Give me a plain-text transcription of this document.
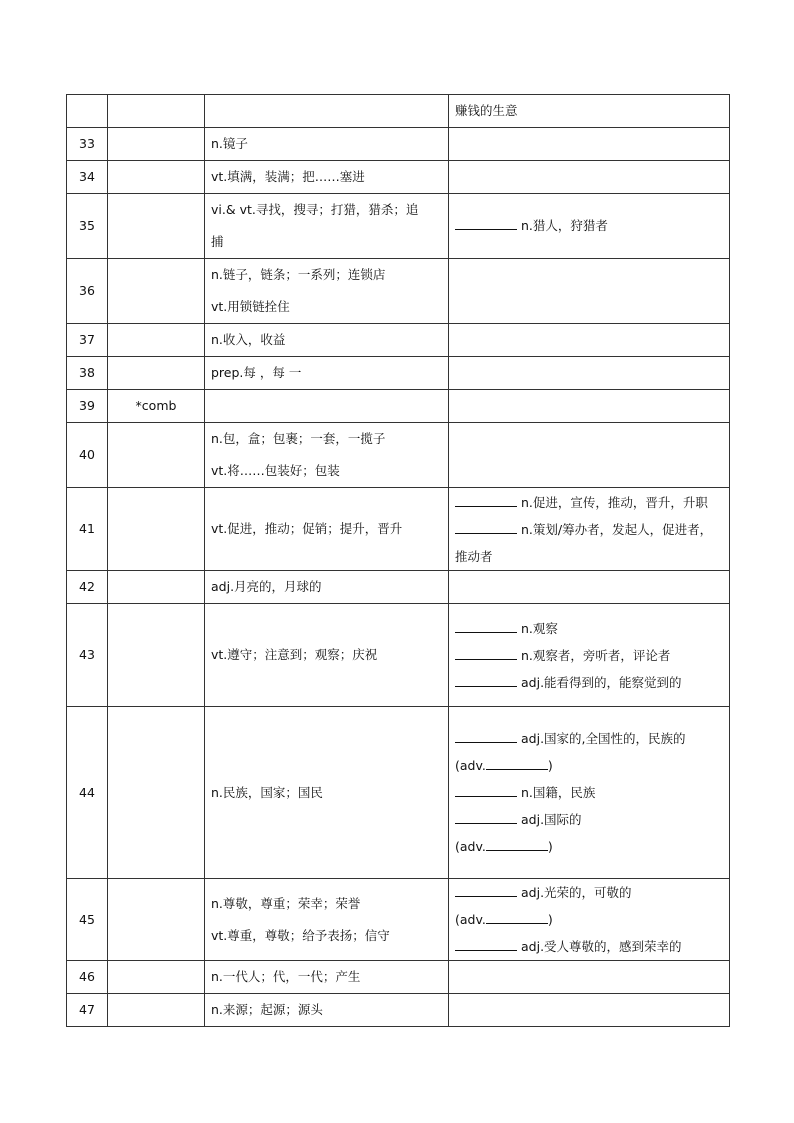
			赚钱的生意

33		n.镜子	

34		vt.填满，装满；把……塞进	

35		vi.& vt.寻找，搜寻；打猎，猎杀；追
捕	n.猎人，狩猎者

36		n.链子，链条；一系列；连锁店
vt.用锁链拴住	

37		n.收入，收益	

38		prep.每 ，每 一	

39	*comb		
40		n.包，盒；包裹；一套，一揽子
vt.将……包装好；包装	

41		vt.促进，推动；促销；提升，晋升	n.促进，宣传，推动，晋升，升职
n.策划/筹办者，发起人，促进者，
推动者

42		adj.月亮的，月球的	

43		vt.遵守；注意到；观察；庆祝	n.观察
n.观察者，旁听者，评论者
adj.能看得到的，能察觉到的

44		n.民族，国家；国民	adj.国家的,全国性的，民族的
(adv. )
n.国籍，民族
adj.国际的
(adv. )

45		n.尊敬，尊重；荣幸；荣誉
vt.尊重，尊敬；给予表扬；信守	adj.光荣的，可敬的
(adv. )
adj.受人尊敬的，感到荣幸的

46		n.一代人；代，一代；产生	

47		n.来源；起源；源头	
